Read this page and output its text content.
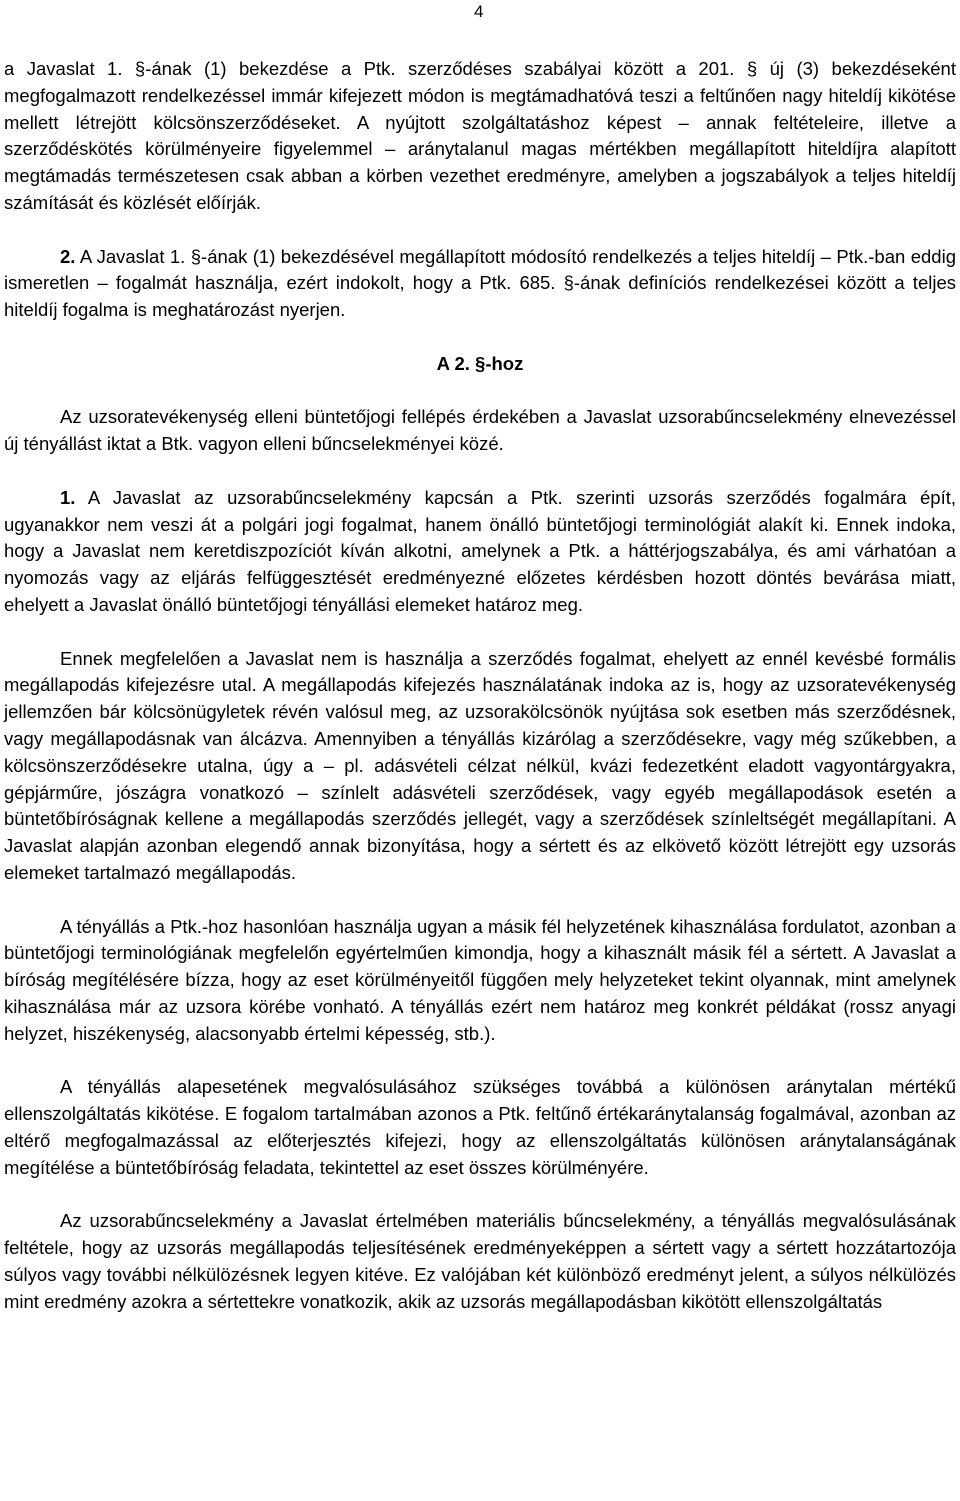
4

a Javaslat 1. §-ának (1) bekezdése a Ptk. szerződéses szabályai között a 201. § új (3) bekezdéseként megfogalmazott rendelkezéssel immár kifejezett módon is megtámadhatóvá teszi a feltűnően nagy hiteldíj kikötése mellett létrejött kölcsönszerződéseket. A nyújtott szolgáltatáshoz képest – annak feltételeire, illetve a szerződéskötés körülményeire figyelemmel – aránytalanul magas mértékben megállapított hiteldíjra alapított megtámadás természetesen csak abban a körben vezethet eredményre, amelyben a jogszabályok a teljes hiteldíj számítását és közlését előírják.

2. A Javaslat 1. §-ának (1) bekezdésével megállapított módosító rendelkezés a teljes hiteldíj – Ptk.-ban eddig ismeretlen – fogalmát használja, ezért indokolt, hogy a Ptk. 685. §-ának definíciós rendelkezései között a teljes hiteldíj fogalma is meghatározást nyerjen.

A 2. §-hoz

Az uzsoratevékenység elleni büntetőjogi fellépés érdekében a Javaslat uzsorabűncselekmény elnevezéssel új tényállást iktat a Btk. vagyon elleni bűncselekményei közé.

1. A Javaslat az uzsorabűncselekmény kapcsán a Ptk. szerinti uzsorás szerződés fogalmára épít, ugyanakkor nem veszi át a polgári jogi fogalmat, hanem önálló büntetőjogi terminológiát alakít ki. Ennek indoka, hogy a Javaslat nem keretdiszpozíciót kíván alkotni, amelynek a Ptk. a háttérjogszabálya, és ami várhatóan a nyomozás vagy az eljárás felfüggesztését eredményezné előzetes kérdésben hozott döntés bevárása miatt, ehelyett a Javaslat önálló büntetőjogi tényállási elemeket határoz meg.

Ennek megfelelően a Javaslat nem is használja a szerződés fogalmat, ehelyett az ennél kevésbé formális megállapodás kifejezésre utal. A megállapodás kifejezés használatának indoka az is, hogy az uzsoratevékenység jellemzően bár kölcsönügyletek révén valósul meg, az uzsorakölcsönök nyújtása sok esetben más szerződésnek, vagy megállapodásnak van álcázva. Amennyiben a tényállás kizárólag a szerződésekre, vagy még szűkebben, a kölcsönszerződésekre utalna, úgy a – pl. adásvételi célzat nélkül, kvázi fedezetként eladott vagyontárgyakra, gépjárműre, jószágra vonatkozó – színlelt adásvételi szerződések, vagy egyéb megállapodások esetén a büntetőbíróságnak kellene a megállapodás szerződés jellegét, vagy a szerződések színleltségét megállapítani. A Javaslat alapján azonban elegendő annak bizonyítása, hogy a sértett és az elkövető között létrejött egy uzsorás elemeket tartalmazó megállapodás.

A tényállás a Ptk.-hoz hasonlóan használja ugyan a másik fél helyzetének kihasználása fordulatot, azonban a büntetőjogi terminológiának megfelelőn egyértelműen kimondja, hogy a kihasznált másik fél a sértett. A Javaslat a bíróság megítélésére bízza, hogy az eset körülményeitől függően mely helyzeteket tekint olyannak, mint amelynek kihasználása már az uzsora körébe vonható. A tényállás ezért nem határoz meg konkrét példákat (rossz anyagi helyzet, hiszékenység, alacsonyabb értelmi képesség, stb.).

A tényállás alapesetének megvalósulásához szükséges továbbá a különösen aránytalan mértékű ellenszolgáltatás kikötése. E fogalom tartalmában azonos a Ptk. feltűnő értékaránytalanság fogalmával, azonban az eltérő megfogalmazással az előterjesztés kifejezi, hogy az ellenszolgáltatás különösen aránytalanságának megítélése a büntetőbíróság feladata, tekintettel az eset összes körülményére.

Az uzsorabűncselekmény a Javaslat értelmében materiális bűncselekmény, a tényállás megvalósulásának feltétele, hogy az uzsorás megállapodás teljesítésének eredményeképpen a sértett vagy a sértett hozzátartozója súlyos vagy további nélkülözésnek legyen kitéve. Ez valójában két különböző eredményt jelent, a súlyos nélkülözés mint eredmény azokra a sértettekre vonatkozik, akik az uzsorás megállapodásban kikötött ellenszolgáltatás
